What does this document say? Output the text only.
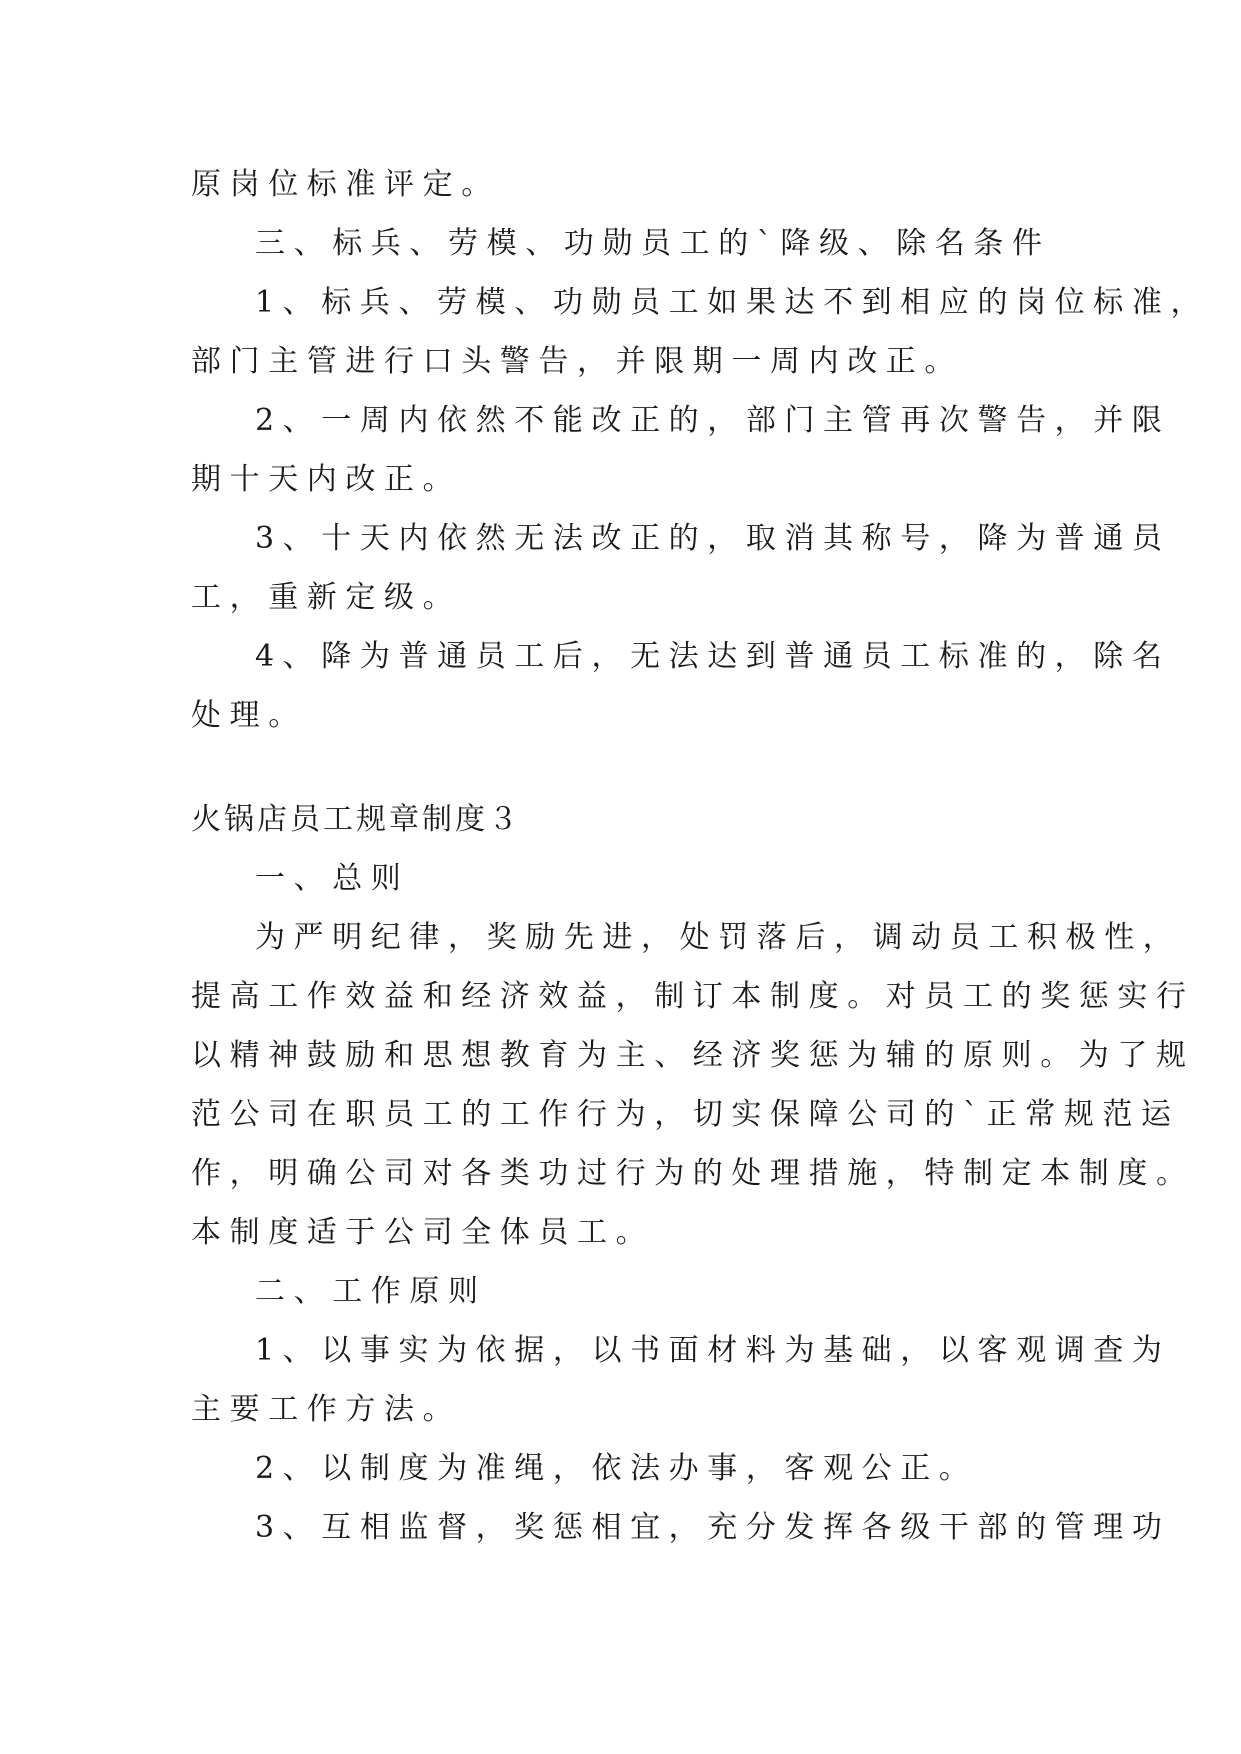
原岗位标准评定。
三、标兵、劳模、功勋员工的`降级、除名条件
1、标兵、劳模、功勋员工如果达不到相应的岗位标准，
部门主管进行口头警告，并限期一周内改正。
2、一周内依然不能改正的，部门主管再次警告，并限
期十天内改正。
3、十天内依然无法改正的，取消其称号，降为普通员
工，重新定级。
4、降为普通员工后，无法达到普通员工标准的，除名
处理。
火锅店员工规章制度３
一、总则
为严明纪律，奖励先进，处罚落后，调动员工积极性，
提高工作效益和经济效益，制订本制度。对员工的奖惩实行
以精神鼓励和思想教育为主、经济奖惩为辅的原则。为了规
范公司在职员工的工作行为，切实保障公司的`正常规范运
作，明确公司对各类功过行为的处理措施，特制定本制度。
本制度适于公司全体员工。
二、工作原则
1、以事实为依据，以书面材料为基础，以客观调查为
主要工作方法。
2、以制度为准绳，依法办事，客观公正。
3、互相监督，奖惩相宜，充分发挥各级干部的管理功
